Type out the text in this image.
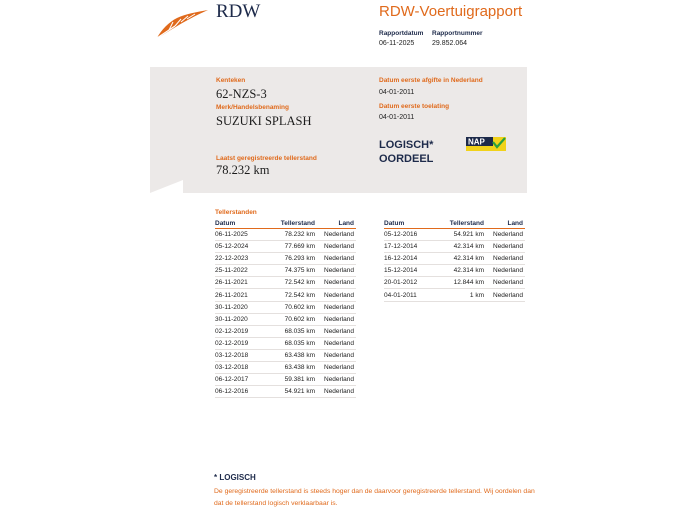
RDW	RDW-Voertuigrapport
Rapportdatum
06-11-2025
Rapportnummer
29.852.064
Kenteken
62-NZS-3
Merk/Handelsbenaming
SUZUKI SPLASH
Laatst geregistreerde tellerstand
78.232 km
Datum eerste afgifte in Nederland
04-01-2011
Datum eerste toelating
04-01-2011
LOGISCH*
OORDEEL
NAP
Tellerstanden
Datum	Tellerstand	Land
06-11-2025	78.232 km	Nederland
05-12-2024	77.669 km	Nederland
22-12-2023	76.293 km	Nederland
25-11-2022	74.375 km	Nederland
26-11-2021	72.542 km	Nederland
26-11-2021	72.542 km	Nederland
30-11-2020	70.602 km	Nederland
30-11-2020	70.602 km	Nederland
02-12-2019	68.035 km	Nederland
02-12-2019	68.035 km	Nederland
03-12-2018	63.438 km	Nederland
03-12-2018	63.438 km	Nederland
06-12-2017	59.381 km	Nederland
06-12-2016	54.921 km	Nederland
Datum	Tellerstand	Land
05-12-2016	54.921 km	Nederland
17-12-2014	42.314 km	Nederland
16-12-2014	42.314 km	Nederland
15-12-2014	42.314 km	Nederland
20-01-2012	12.844 km	Nederland
04-01-2011	1 km	Nederland
* LOGISCH
De geregistreerde tellerstand is steeds hoger dan de daarvoor geregistreerde tellerstand. Wij oordelen dan dat de tellerstand logisch verklaarbaar is.
